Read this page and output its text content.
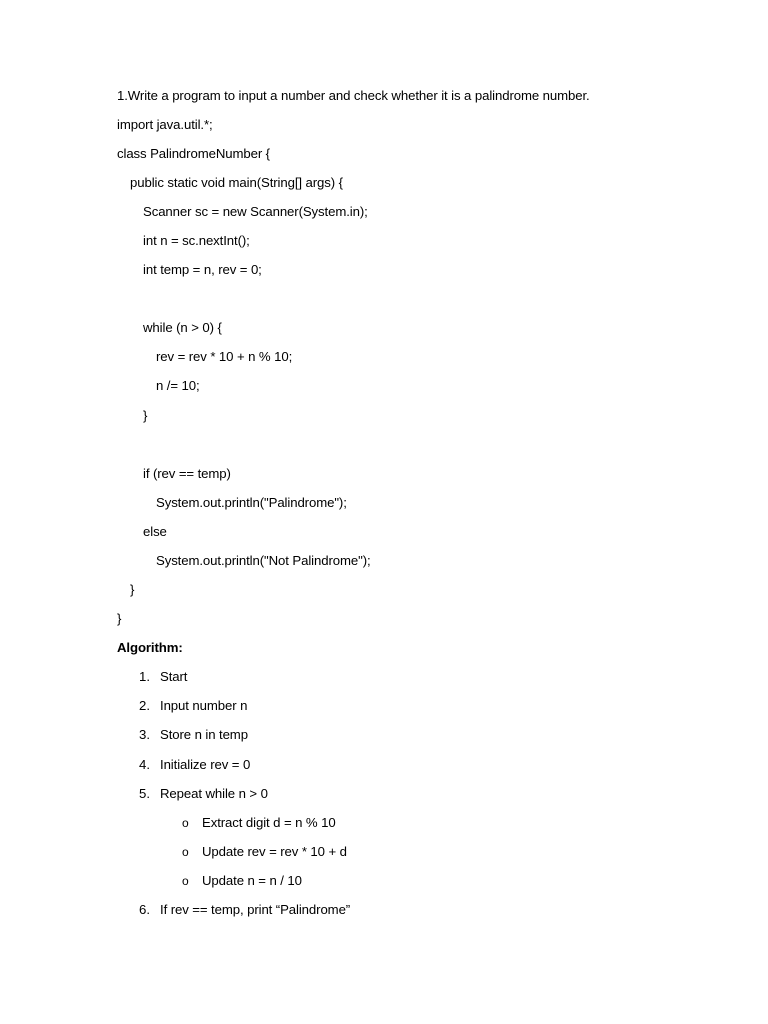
1.Write a program to input a number and check whether it is a palindrome number.
import java.util.*;
class PalindromeNumber {
public static void main(String[] args) {
Scanner sc = new Scanner(System.in);
int n = sc.nextInt();
int temp = n, rev = 0;
while (n > 0) {
rev = rev * 10 + n % 10;
n /= 10;
}
if (rev == temp)
System.out.println("Palindrome");
else
System.out.println("Not Palindrome");
}
}
Algorithm:
1. Start
2. Input number n
3. Store n in temp
4. Initialize rev = 0
5. Repeat while n > 0
o Extract digit d = n % 10
o Update rev = rev * 10 + d
o Update n = n / 10
6. If rev == temp, print “Palindrome”
